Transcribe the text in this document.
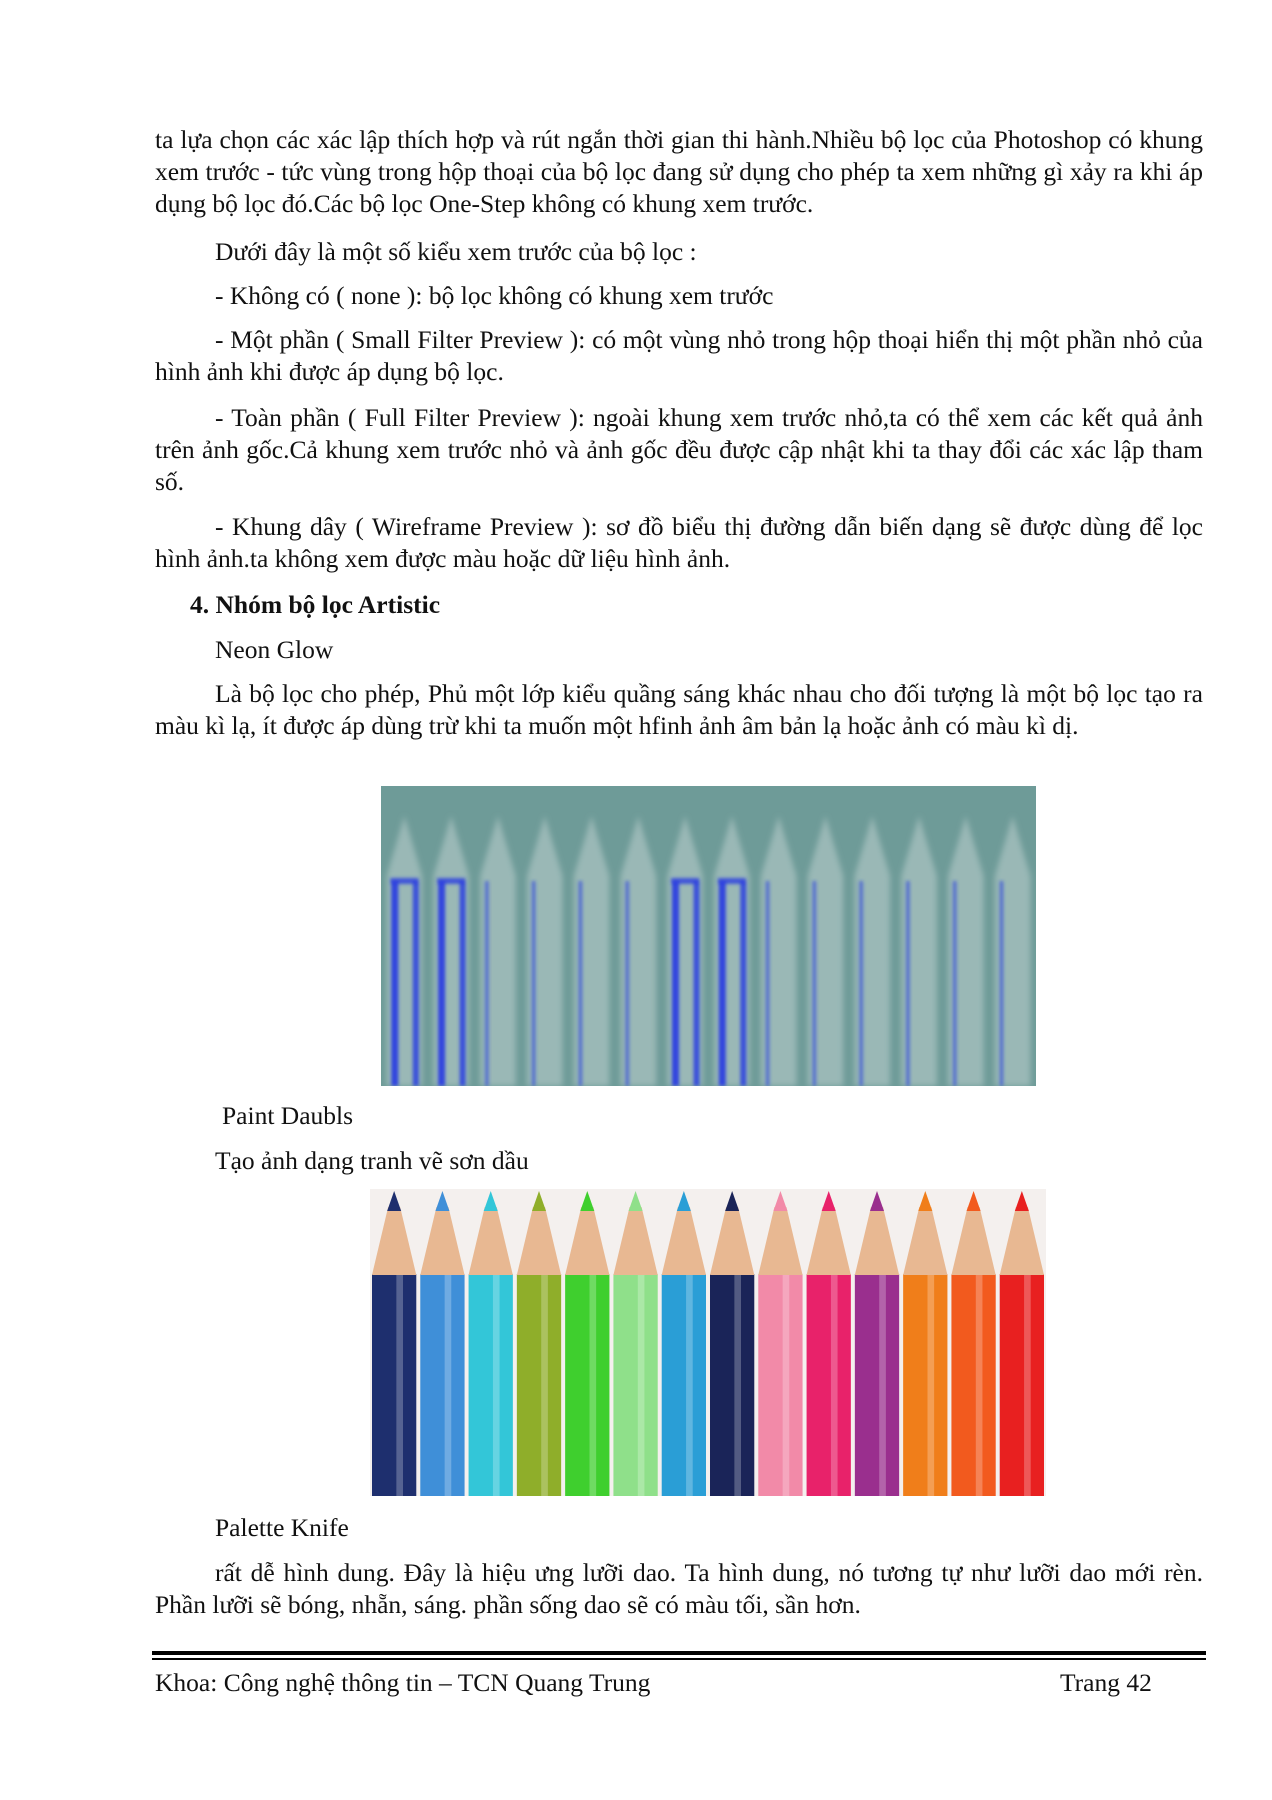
ta lựa chọn các xác lập thích hợp và rút ngắn thời gian thi hành.Nhiều bộ lọc của Photoshop có khung xem trước - tức vùng trong hộp thoại của bộ lọc đang sử dụng cho phép ta xem những gì xảy ra khi áp dụng bộ lọc đó.Các bộ lọc One-Step không có khung xem trước.
Dưới đây là một số kiểu xem trước của bộ lọc :
- Không có ( none ): bộ lọc không có khung xem trước
- Một phần ( Small Filter Preview ): có một vùng nhỏ trong hộp thoại hiển thị một phần nhỏ của hình ảnh khi được áp dụng bộ lọc.
- Toàn phần ( Full Filter Preview ): ngoài khung xem trước nhỏ,ta có thể xem các kết quả ảnh trên ảnh gốc.Cả khung xem trước nhỏ và ảnh gốc đều được cập nhật khi ta thay đổi các xác lập tham số.
- Khung dây ( Wireframe Preview ): sơ đồ biểu thị đường dẫn biến dạng sẽ được dùng để lọc hình ảnh.ta không xem được màu hoặc dữ liệu hình ảnh.
4. Nhóm bộ lọc Artistic
Neon Glow
Là bộ lọc cho phép, Phủ một lớp kiểu quầng sáng khác nhau cho đối tượng là một bộ lọc tạo ra màu kì lạ, ít được áp dùng trừ khi ta muốn một hfinh ảnh âm bản lạ hoặc ảnh có màu kì dị.
Paint Daubls
Tạo ảnh dạng tranh vẽ sơn dầu
Palette Knife
rất dễ hình dung. Đây là hiệu ưng lưỡi dao. Ta hình dung, nó tương tự như lưỡi dao mới rèn. Phần lưỡi sẽ bóng, nhẵn, sáng. phần sống dao sẽ có màu tối, sần hơn.
Khoa: Công nghệ thông tin – TCN Quang Trung	Trang 42
